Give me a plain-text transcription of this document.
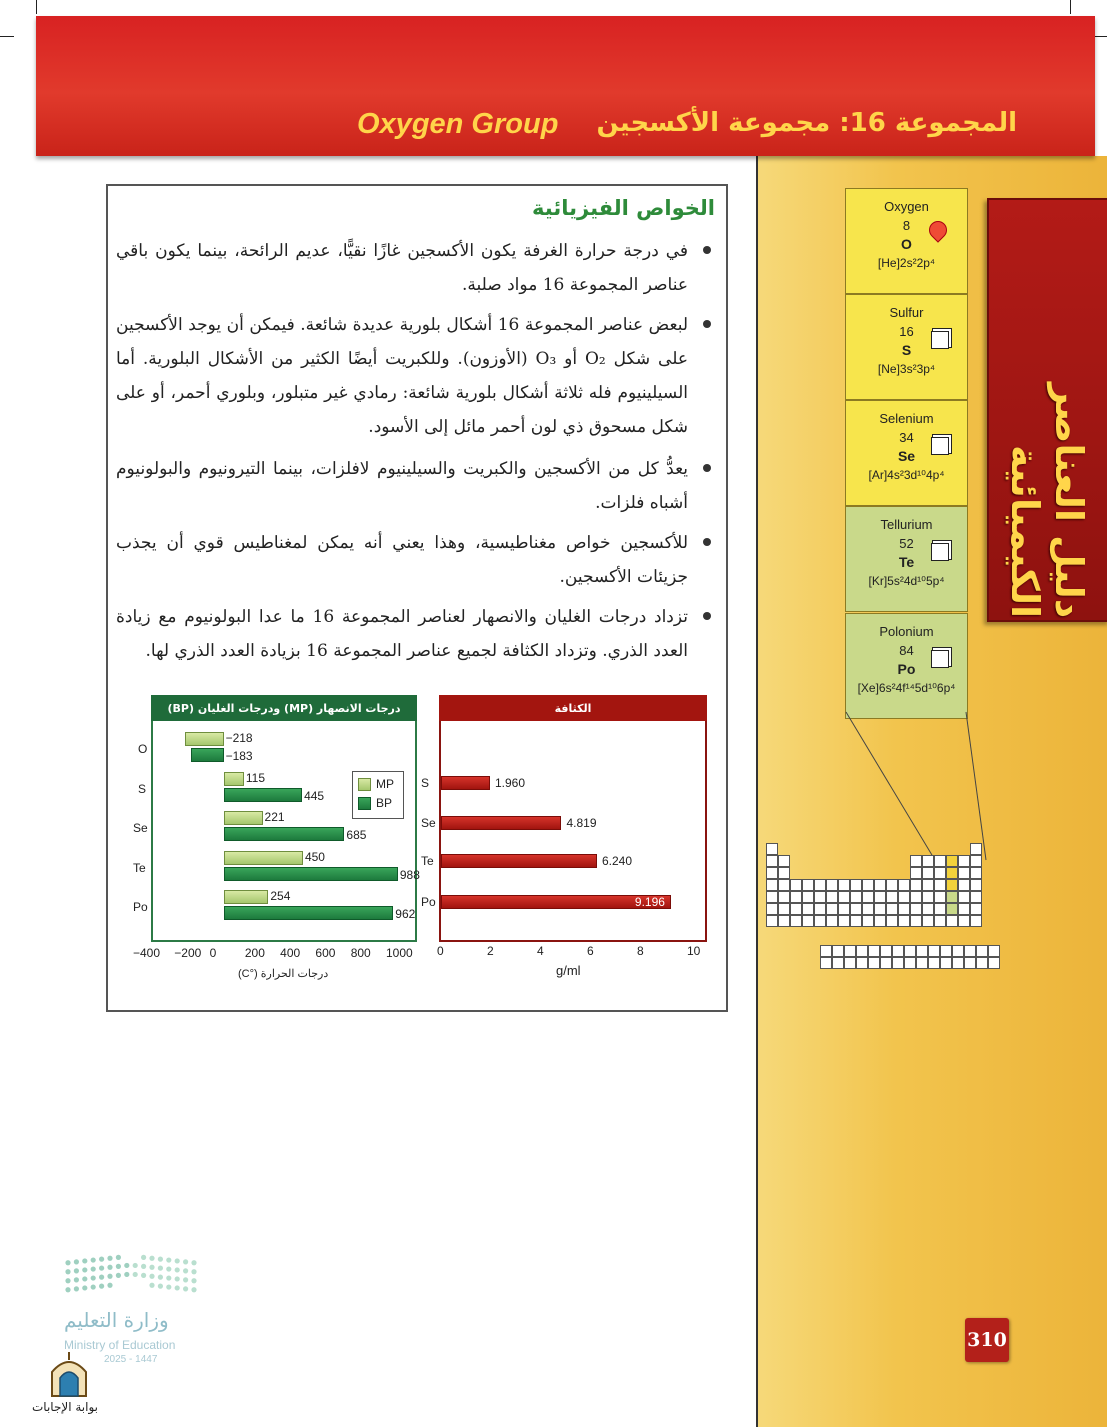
المجموعة 16: مجموعة الأكسجين
Oxygen Group
دليل العناصر الكيميائية
Oxygen
8
O
[He]2s²2p⁴
Sulfur
16
S
[Ne]3s²3p⁴
Selenium
34
Se
[Ar]4s²3d¹⁰4p⁴
Tellurium
52
Te
[Kr]5s²4d¹⁰5p⁴
Polonium
84
Po
[Xe]6s²4f¹⁴5d¹⁰6p⁴
الخواص الفيزيائية
في درجة حرارة الغرفة يكون الأكسجين غازًا نقيًّا، عديم الرائحة، بينما يكون باقي عناصر المجموعة 16 مواد صلبة.
لبعض عناصر المجموعة 16 أشكال بلورية عديدة شائعة. فيمكن أن يوجد الأكسجين على شكل O₂ أو O₃ (الأوزون). وللكبريت أيضًا الكثير من الأشكال البلورية. أما السيلينيوم فله ثلاثة أشكال بلورية شائعة: رمادي غير متبلور، وبلوري أحمر، أو على شكل مسحوق ذي لون أحمر مائل إلى الأسود.
يعدُّ كل من الأكسجين والكبريت والسيلينيوم لافلزات، بينما التيرونيوم والبولونيوم أشباه فلزات.
للأكسجين خواص مغناطيسية، وهذا يعني أنه يمكن لمغناطيس قوي أن يجذب جزيئات الأكسجين.
تزداد درجات الغليان والانصهار لعناصر المجموعة 16 ما عدا البولونيوم مع زيادة العدد الذري. وتزداد الكثافة لجميع عناصر المجموعة 16 بزيادة العدد الذري لها.
درجات الانصهار (MP) ودرجات الغليان (BP)
O
−218
−183
S
115
445
Se
221
685
Te
450
988
Po
254
962
−400 −200 0 200 400 600 800 1000
MP
BP
درجات الحرارة (°C)
الكثافة
S	1.960
Se	4.819
Te	6.240
Po	9.196
0	2	4	6	8	10
g/ml
310
وزارة التعليم
Ministry of Education
2025 - 1447
بوابة الإجابات
